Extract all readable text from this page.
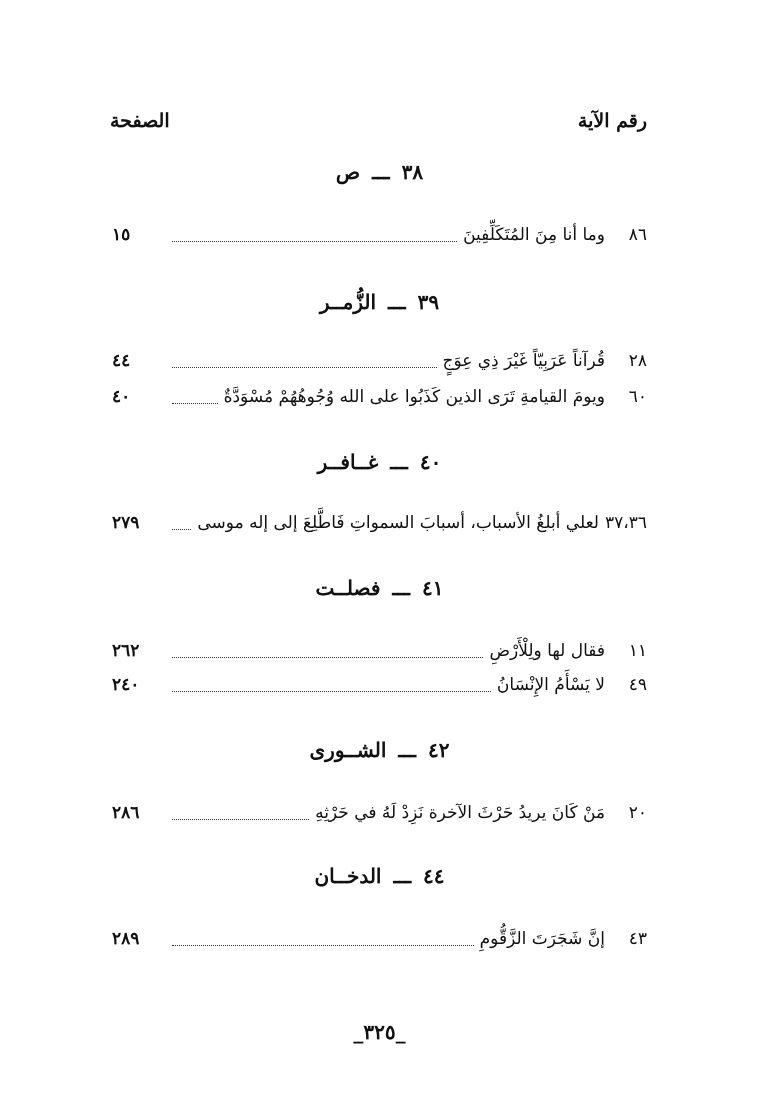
رقم الآية
الصفحة
٣٨ـــص
٨٦
وما أنا مِنَ المُتَكَلِّفِينَ
١٥
٣٩ـــالزُّمــر
٢٨
قُرآناً عَرَبِيّاً غَيْرَ ذِي عِوَجٍ
٤٤
٦٠
ويومَ القيامةِ تَرَى الذين كَذَبُوا على الله وُجُوهُهُمْ مُسْوَدَّةٌ
٤٠
٤٠ـــغــافــر
٣٧،٣٦
لعلي أبلغُ الأسباب، أسبابَ السمواتِ فَاطَّلِعَ إلى إله موسى
٢٧٩
٤١ـــفصلــت
١١
فقال لها ولِلْأَرْضِ
٢٦٢
٤٩
لا يَسْأَمُ الإِنْسَانُ
٢٤٠
٤٢ـــالشــورى
٢٠
مَنْ كَانَ يريدُ حَرْثَ الآخرة نَزِدْ لَهُ في حَرْثِهِ
٢٨٦
٤٤ـــالدخــان
٤٣
إنَّ شَجَرَتَ الزَّقُّومِ
٢٨٩
_٣٢٥_
